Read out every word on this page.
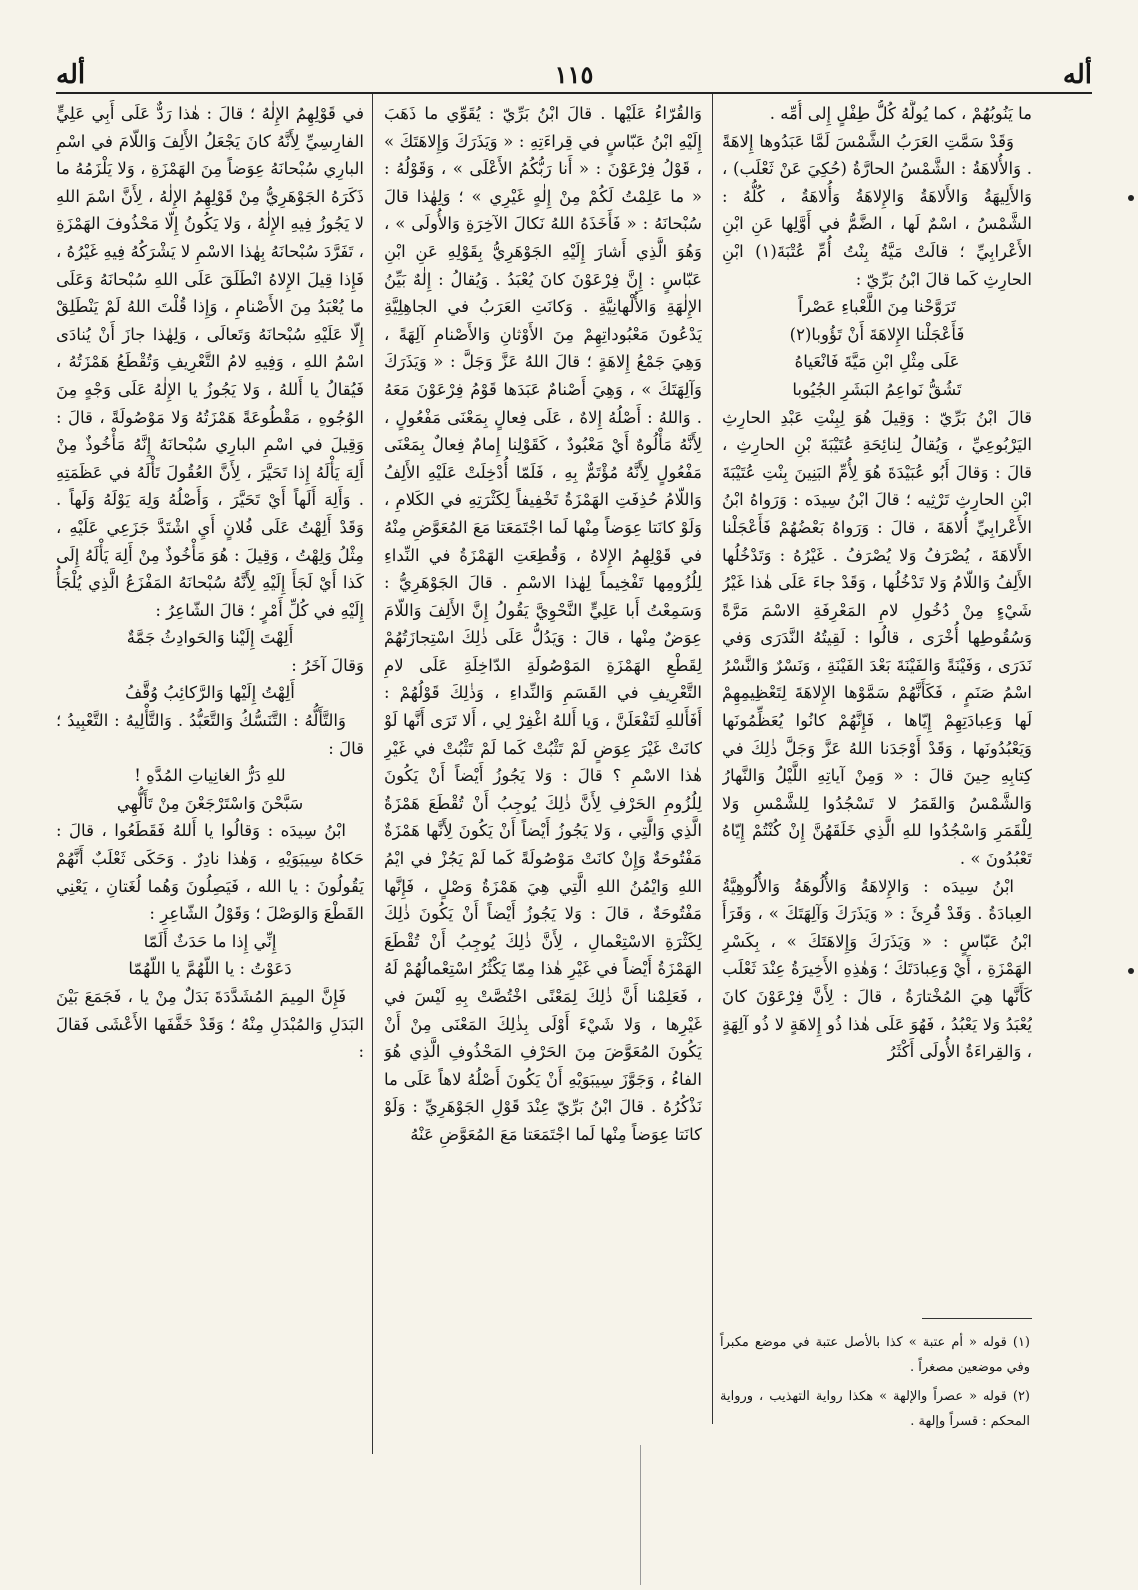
أله
١١٥
أله

ما يَنُوبُهُمْ ، كما يُولَّهُ كُلُّ طِفْلٍ إِلى أُمِّه .

وَقَدْ سَمَّتِ العَرَبُ الشَّمْسَ لَمَّا عَبَدُوها إِلاهَةً . وَالأُلاهَةُ : الشَّمْسُ الحارَّةُ (حُكِيَ عَنْ ثَعْلَب) ، وَالأَلِيهَةُ وَالأَلاهَةُ وَالإِلاهَةُ وَأُلاهَةُ ، كُلُّهُ : الشَّمْسُ ، اسْمٌ لَها ، الضَّمُّ في أَوَّلِها عَنِ ابْنِ الأَعْرابِيِّ ؛ قالَتْ مَيَّةُ بِنْتُ أُمِّ عُتْبَةَ(١) ابْنِ الحارِثِ كَما قالَ ابْنُ بَرِّيّ :

تَرَوَّحْنا مِنَ اللَّعْباءِ عَصْراً

فَأَعْجَلْنا الإِلاهَةَ أَنْ تَؤُوبا(٢)

عَلَى مِثْلِ ابْنِ مَيَّةَ فَانْعَياهُ

تَشُقُّ نَواعِمُ البَشَرِ الجُيُوبا

قالَ ابْنُ بَرِّيّ : وَقِيلَ هُوَ لِبِنْتِ عَبْدِ الحارِثِ اليَرْبُوعِيِّ ، وَيُقالُ لِنائِحَةِ عُتَيْبَةَ بْنِ الحارِثِ ، قالَ : وَقالَ أَبُو عُبَيْدَةَ هُوَ لِأُمِّ البَنِينَ بِنْتِ عُتَيْبَةَ ابْنِ الحارِثِ تَرْثِيه ؛ قالَ ابْنُ سِيدَه : وَرَواهُ ابْنُ الأَعْرابِيِّ أُلاهَةَ ، قالَ : وَرَواهُ بَعْضُهُمْ فَأَعْجَلْنا الأَلاهَةَ ، يُصْرَفُ وَلا يُصْرَفُ . غَيْرُهُ : وَتَدْخُلُها الأَلِفُ وَاللّامُ وَلا تَدْخُلُها ، وَقَدْ جاءَ عَلَى هٰذا غَيْرُ شَيْءٍ مِنْ دُخُولِ لامِ المَعْرِفَةِ الاسْمَ مَرَّةً وَسُقُوطِها أُخْرَى ، قالُوا : لَقِيتُهُ النَّدَرَى وَفي نَدَرَى ، وَفَيْنَةً وَالفَيْنَةَ بَعْدَ الفَيْنَةِ ، وَنَسْرٌ وَالنَّسْرُ اسْمُ صَنَمٍ ، فَكَأَنَّهُمْ سَمَّوْها الإِلاهَةَ لِتَعْظِيمِهِمْ لَها وَعِبادَتِهِمْ إِيّاها ، فَإِنَّهُمْ كانُوا يُعَظِّمُونَها وَيَعْبُدُونَها ، وَقَدْ أَوْجَدَنا اللهُ عَزَّ وَجَلَّ ذٰلِكَ في كِتابِهِ حِينَ قالَ : « وَمِنْ آياتِهِ اللَّيْلُ وَالنَّهارُ وَالشَّمْسُ وَالقَمَرُ لا تَسْجُدُوا لِلشَّمْسِ وَلا لِلْقَمَرِ وَاسْجُدُوا للهِ الَّذِي خَلَقَهُنَّ إِنْ كُنْتُمْ إِيّاهُ تَعْبُدُونَ » .

ابْنُ سِيدَه : وَالإِلاهَةُ وَالأُلُوهَةُ وَالأُلُوهِيَّةُ العِبادَةُ . وَقَدْ قُرِئَ : « وَيَذَرَكَ وَآلِهَتَكَ » ، وَقَرَأَ ابْنُ عَبّاسٍ : « وَيَذَرَكَ وَإِلاهَتَكَ » ، بِكَسْرِ الهَمْزَةِ ، أَيْ وَعِبادَتَكَ ؛ وَهٰذِهِ الأَخِيرَةُ عِنْدَ ثَعْلَب كَأَنَّها هِيَ المُخْتارَةُ ، قالَ : لِأَنَّ فِرْعَوْنَ كانَ يُعْبَدُ وَلا يَعْبُدُ ، فَهُوَ عَلَى هٰذا ذُو إِلاهَةٍ لا ذُو آلِهَةٍ ، وَالقِراءَةُ الأُولَى أَكْثَرُ

(١) قوله « أم عتبة » كذا بالأصل عتبة في موضع مكبراً وفي موضعين مصغراً .

(٢) قوله « عصراً والإلهة » هكذا رواية التهذيب ، ورواية المحكم : قسراً وإلهة .

وَالقُرّاءُ عَلَيْها . قالَ ابْنُ بَرِّيّ : يُقَوِّي ما ذَهَبَ إِلَيْهِ ابْنُ عَبّاسٍ في قِراءَتِهِ : « وَيَذَرَكَ وَإِلاهَتَكَ » ، قَوْلُ فِرْعَوْنَ : « أَنا رَبُّكُمُ الأَعْلَى » ، وَقَوْلُهُ : « ما عَلِمْتُ لَكُمْ مِنْ إِلٰهٍ غَيْرِي » ؛ وَلِهٰذا قالَ سُبْحانَهُ : « فَأَخَذَهُ اللهُ نَكالَ الآخِرَةِ وَالأُولَى » ، وَهُوَ الَّذِي أَشارَ إِلَيْهِ الجَوْهَرِيُّ بِقَوْلِهِ عَنِ ابْنِ عَبّاسٍ : إِنَّ فِرْعَوْنَ كانَ يُعْبَدُ . وَيُقالُ : إِلٰهٌ بَيِّنُ الإِلٰهَةِ وَالأُلْهانِيَّةِ . وَكانَتِ العَرَبُ في الجاهِلِيَّةِ يَدْعُونَ مَعْبُوداتِهِمْ مِنَ الأَوْثانِ وَالأَصْنامِ آلِهَةً ، وَهِيَ جَمْعُ إِلاهَةٍ ؛ قالَ اللهُ عَزَّ وَجَلَّ : « وَيَذَرَكَ وَآلِهَتَكَ » ، وَهِيَ أَصْنامٌ عَبَدَها قَوْمُ فِرْعَوْنَ مَعَهُ . وَاللهُ : أَصْلُهُ إِلاهٌ ، عَلَى فِعالٍ بِمَعْنَى مَفْعُولٍ ، لِأَنَّهُ مَأْلُوهٌ أَيْ مَعْبُودٌ ، كَقَوْلِنا إِمامٌ فِعالٌ بِمَعْنَى مَفْعُولٍ لِأَنَّهُ مُؤْتَمٌّ بِهِ ، فَلَمّا أُدْخِلَتْ عَلَيْهِ الأَلِفُ وَاللّامُ حُذِفَتِ الهَمْزَةُ تَخْفِيفاً لِكَثْرَتِهِ في الكَلامِ ، وَلَوْ كانَتا عِوَضاً مِنْها لَما اجْتَمَعَتا مَعَ المُعَوَّضِ مِنْهُ في قَوْلِهِمُ الإِلاهُ ، وَقُطِعَتِ الهَمْزَةُ في النِّداءِ لِلُزُومِها تَفْخِيماً لِهٰذا الاسْمِ . قالَ الجَوْهَرِيُّ : وَسَمِعْتُ أَبا عَلِيٍّ النَّحْوِيَّ يَقُولُ إِنَّ الأَلِفَ وَاللّامَ عِوَضٌ مِنْها ، قالَ : وَيَدُلُّ عَلَى ذٰلِكَ اسْتِجازَتُهُمْ لِقَطْعِ الهَمْزَةِ المَوْصُولَةِ الدّاخِلَةِ عَلَى لامِ التَّعْرِيفِ في القَسَمِ وَالنِّداءِ ، وَذٰلِكَ قَوْلُهُمْ : أَفَأَللهِ لَتَفْعَلَنَّ ، وَيا أَللهُ اغْفِرْ لِي ، أَلا تَرَى أَنَّها لَوْ كانَتْ غَيْرَ عِوَضٍ لَمْ تَثْبُتْ كَما لَمْ تَثْبُتْ في غَيْرِ هٰذا الاسْمِ ؟ قالَ : وَلا يَجُوزُ أَيْضاً أَنْ يَكُونَ لِلُزُومِ الحَرْفِ لِأَنَّ ذٰلِكَ يُوجِبُ أَنْ تُقْطَعَ هَمْزَةُ الَّذِي وَالَّتِي ، وَلا يَجُوزُ أَيْضاً أَنْ يَكُونَ لِأَنَّها هَمْزَةٌ مَفْتُوحَةٌ وَإِنْ كانَتْ مَوْصُولَةً كَما لَمْ يَجُزْ في ايْمُ اللهِ وَايْمُنُ اللهِ الَّتِي هِيَ هَمْزَةُ وَصْلٍ ، فَإِنَّها مَفْتُوحَةٌ ، قالَ : وَلا يَجُوزُ أَيْضاً أَنْ يَكُونَ ذٰلِكَ لِكَثْرَةِ الاسْتِعْمالِ ، لِأَنَّ ذٰلِكَ يُوجِبُ أَنْ تُقْطَعَ الهَمْزَةُ أَيْضاً في غَيْرِ هٰذا مِمّا يَكْثُرُ اسْتِعْمالُهُمْ لَهُ ، فَعَلِمْنا أَنَّ ذٰلِكَ لِمَعْنًى اخْتُصَّتْ بِهِ لَيْسَ في غَيْرِها ، وَلا شَيْءَ أَوْلَى بِذٰلِكَ المَعْنَى مِنْ أَنْ يَكُونَ المُعَوَّضَ مِنَ الحَرْفِ المَحْذُوفِ الَّذِي هُوَ الفاءُ ، وَجَوَّزَ سِيبَوَيْهِ أَنْ يَكُونَ أَصْلُهُ لاهاً عَلَى ما نَذْكُرُهُ . قالَ ابْنُ بَرِّيّ عِنْدَ قَوْلِ الجَوْهَرِيِّ : وَلَوْ كانَتا عِوَضاً مِنْها لَما اجْتَمَعَتا مَعَ المُعَوَّضِ عَنْهُ

في قَوْلِهِمُ الإِلٰهُ ؛ قالَ : هٰذا رَدٌّ عَلَى أَبِي عَلِيٍّ الفارِسِيِّ لِأَنَّهُ كانَ يَجْعَلُ الأَلِفَ وَاللّامَ في اسْمِ البارِي سُبْحانَهُ عِوَضاً مِنَ الهَمْزَةِ ، وَلا يَلْزَمُهُ ما ذَكَرَهُ الجَوْهَرِيُّ مِنْ قَوْلِهِمُ الإِلٰهُ ، لِأَنَّ اسْمَ اللهِ لا يَجُوزُ فِيهِ الإِلٰهُ ، وَلا يَكُونُ إِلّا مَحْذُوفَ الهَمْزَةِ ، تَفَرَّدَ سُبْحانَهُ بِهٰذا الاسْمِ لا يَشْرَكُهُ فِيهِ غَيْرُهُ ، فَإِذا قِيلَ الإِلاهُ انْطَلَقَ عَلَى اللهِ سُبْحانَهُ وَعَلَى ما يُعْبَدُ مِنَ الأَصْنامِ ، وَإِذا قُلْتَ اللهُ لَمْ يَنْطَلِقْ إِلّا عَلَيْهِ سُبْحانَهُ وَتَعالَى ، وَلِهٰذا جازَ أَنْ يُنادَى اسْمُ اللهِ ، وَفِيهِ لامُ التَّعْرِيفِ وَتُقْطَعُ هَمْزَتُهُ ، فَيُقالُ يا أَللهُ ، وَلا يَجُوزُ يا الإِلٰهُ عَلَى وَجْهٍ مِنَ الوُجُوهِ ، مَقْطُوعَةً هَمْزَتُهُ وَلا مَوْصُولَةً ، قالَ : وَقِيلَ في اسْمِ البارِي سُبْحانَهُ إِنَّهُ مَأْخُوذٌ مِنْ أَلِهَ يَأْلَهُ إِذا تَحَيَّرَ ، لِأَنَّ العُقُولَ تَأْلَهُ في عَظَمَتِهِ . وَأَلِهَ أَلَهاً أَيْ تَحَيَّرَ ، وَأَصْلُهُ وَلِهَ يَوْلَهُ وَلَهاً . وَقَدْ أَلِهْتُ عَلَى فُلانٍ أَيِ اشْتَدَّ جَزَعِي عَلَيْهِ ، مِثْلُ وَلِهْتُ ، وَقِيلَ : هُوَ مَأْخُوذٌ مِنْ أَلِهَ يَأْلَهُ إِلَى كَذا أَيْ لَجَأَ إِلَيْهِ لِأَنَّهُ سُبْحانَهُ المَفْزَعُ الَّذِي يُلْجَأُ إِلَيْهِ في كُلِّ أَمْرٍ ؛ قالَ الشّاعِرُ :

أَلِهْتَ إِلَيْنا وَالحَوادِثُ جَمَّةٌ

وَقالَ آخَرُ :

أَلِهْتُ إِلَيْها وَالرَّكائِبُ وُقَّفُ

وَالتَّأَلُّهُ : التَّنَسُّكُ وَالتَّعَبُّدُ . وَالتَّأْلِيهُ : التَّعْبِيدُ ؛ قالَ :

للهِ دَرُّ الغانِياتِ المُدَّهِ !

سَبَّحْنَ وَاسْتَرْجَعْنَ مِنْ تَأَلُّهِي

ابْنُ سِيدَه : وَقالُوا يا أَللهُ فَقَطَعُوا ، قالَ : حَكاهُ سِيبَوَيْهِ ، وَهٰذا نادِرٌ . وَحَكَى ثَعْلَبٌ أَنَّهُمْ يَقُولُونَ : يا الله ، فَيَصِلُونَ وَهُما لُغَتانِ ، يَعْنِي القَطْعَ وَالوَصْلَ ؛ وَقَوْلُ الشّاعِرِ :

إِنِّي إِذا ما حَدَثٌ أَلَمّا

دَعَوْتُ : يا اللّهُمَّ يا اللّهُمّا

فَإِنَّ المِيمَ المُشَدَّدَةَ بَدَلٌ مِنْ يا ، فَجَمَعَ بَيْنَ البَدَلِ وَالمُبْدَلِ مِنْهُ ؛ وَقَدْ خَفَّفَها الأَعْشَى فَقالَ :
